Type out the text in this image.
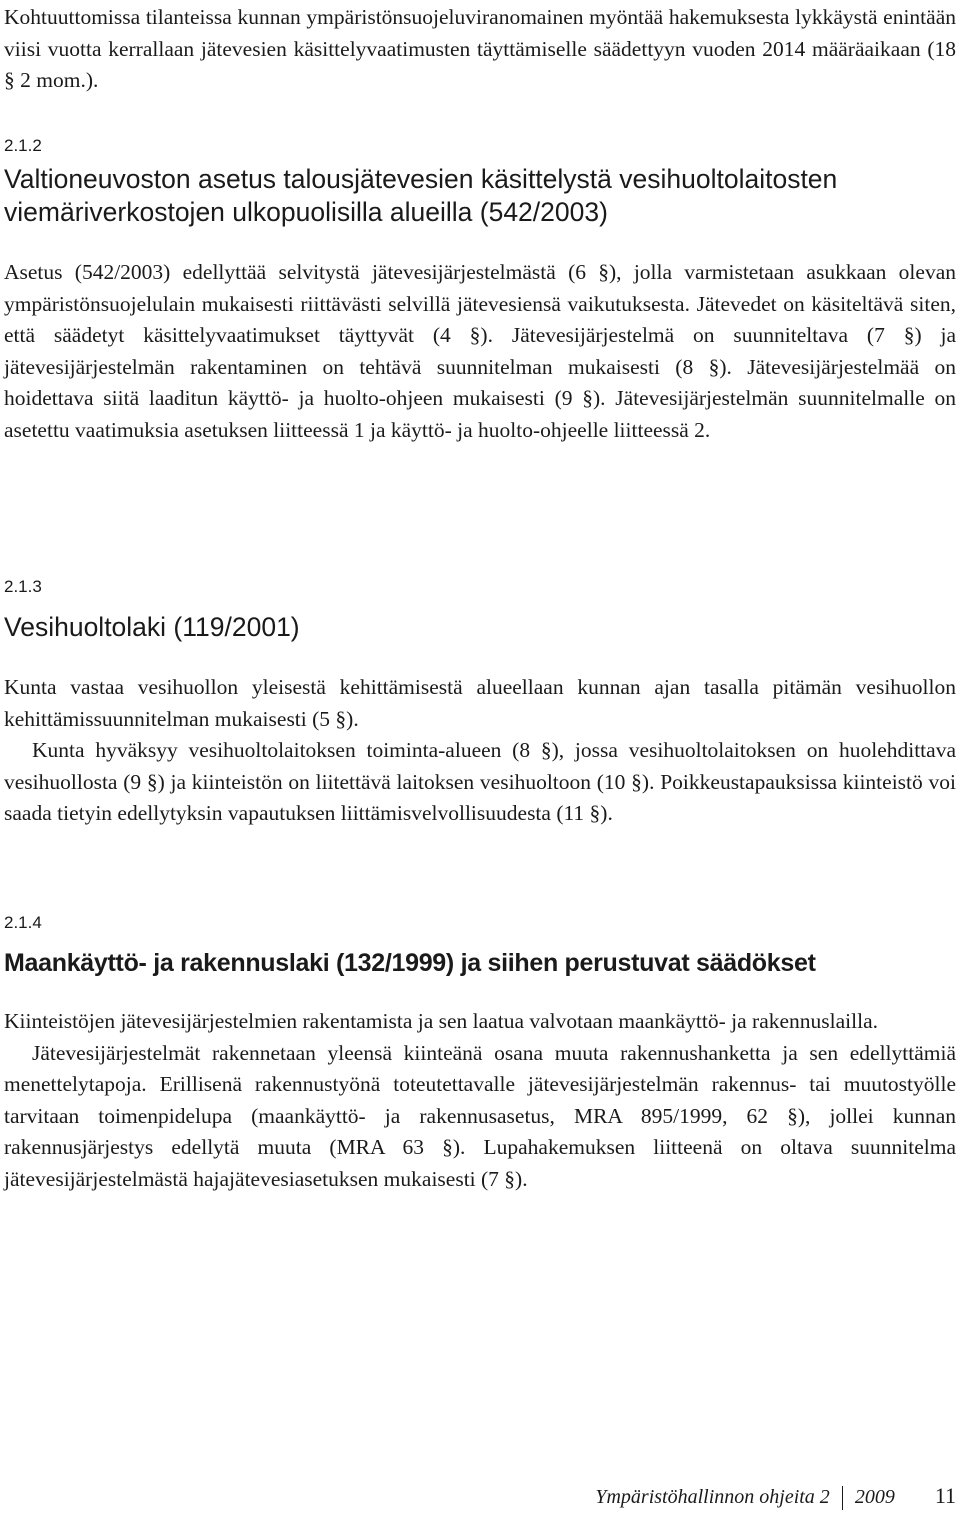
Kohtuuttomissa tilanteissa kunnan ympäristönsuojeluviranomainen myöntää hakemuksesta lykkäystä enintään viisi vuotta kerrallaan jätevesien käsittelyvaatimusten täyttämiselle säädettyyn vuoden 2014 määräaikaan (18 § 2 mom.).

2.1.2

Valtioneuvoston asetus talousjätevesien käsittelystä vesihuoltolaitosten viemäriverkostojen ulkopuolisilla alueilla (542/2003)

Asetus (542/2003) edellyttää selvitystä jätevesijärjestelmästä (6 §), jolla varmistetaan asukkaan olevan ympäristönsuojelulain mukaisesti riittävästi selvillä jätevesiensä vaikutuksesta. Jätevedet on käsiteltävä siten, että säädetyt käsittelyvaatimukset täyttyvät (4 §). Jätevesijärjestelmä on suunniteltava (7 §) ja jätevesijärjestelmän rakentaminen on tehtävä suunnitelman mukaisesti (8 §). Jätevesijärjestelmää on hoidettava siitä laaditun käyttö- ja huolto-ohjeen mukaisesti (9 §). Jätevesijärjestelmän suunnitelmalle on asetettu vaatimuksia asetuksen liitteessä 1 ja käyttö- ja huolto-ohjeelle liitteessä 2.

2.1.3

Vesihuoltolaki (119/2001)

Kunta vastaa vesihuollon yleisestä kehittämisestä alueellaan kunnan ajan tasalla pitämän vesihuollon kehittämissuunnitelman mukaisesti (5 §).

Kunta hyväksyy vesihuoltolaitoksen toiminta-alueen (8 §), jossa vesihuoltolaitoksen on huolehdittava vesihuollosta (9 §) ja kiinteistön on liitettävä laitoksen vesihuoltoon (10 §). Poikkeustapauksissa kiinteistö voi saada tietyin edellytyksin vapautuksen liittämisvelvollisuudesta (11 §).

2.1.4

Maankäyttö- ja rakennuslaki (132/1999) ja siihen perustuvat säädökset

Kiinteistöjen jätevesijärjestelmien rakentamista ja sen laatua valvotaan maankäyttö- ja rakennuslailla.

Jätevesijärjestelmät rakennetaan yleensä kiinteänä osana muuta rakennushanketta ja sen edellyttämiä menettelytapoja. Erillisenä rakennustyönä toteutettavalle jätevesijärjestelmän rakennus- tai muutostyölle tarvitaan toimenpidelupa (maankäyttö- ja rakennusasetus, MRA 895/1999, 62 §), jollei kunnan rakennusjärjestys edellytä muuta (MRA 63 §). Lupahakemuksen liitteenä on oltava suunnitelma jätevesijärjestelmästä hajajätevesiasetuksen mukaisesti (7 §).

Ympäristöhallinnon ohjeita 2 2009 11
